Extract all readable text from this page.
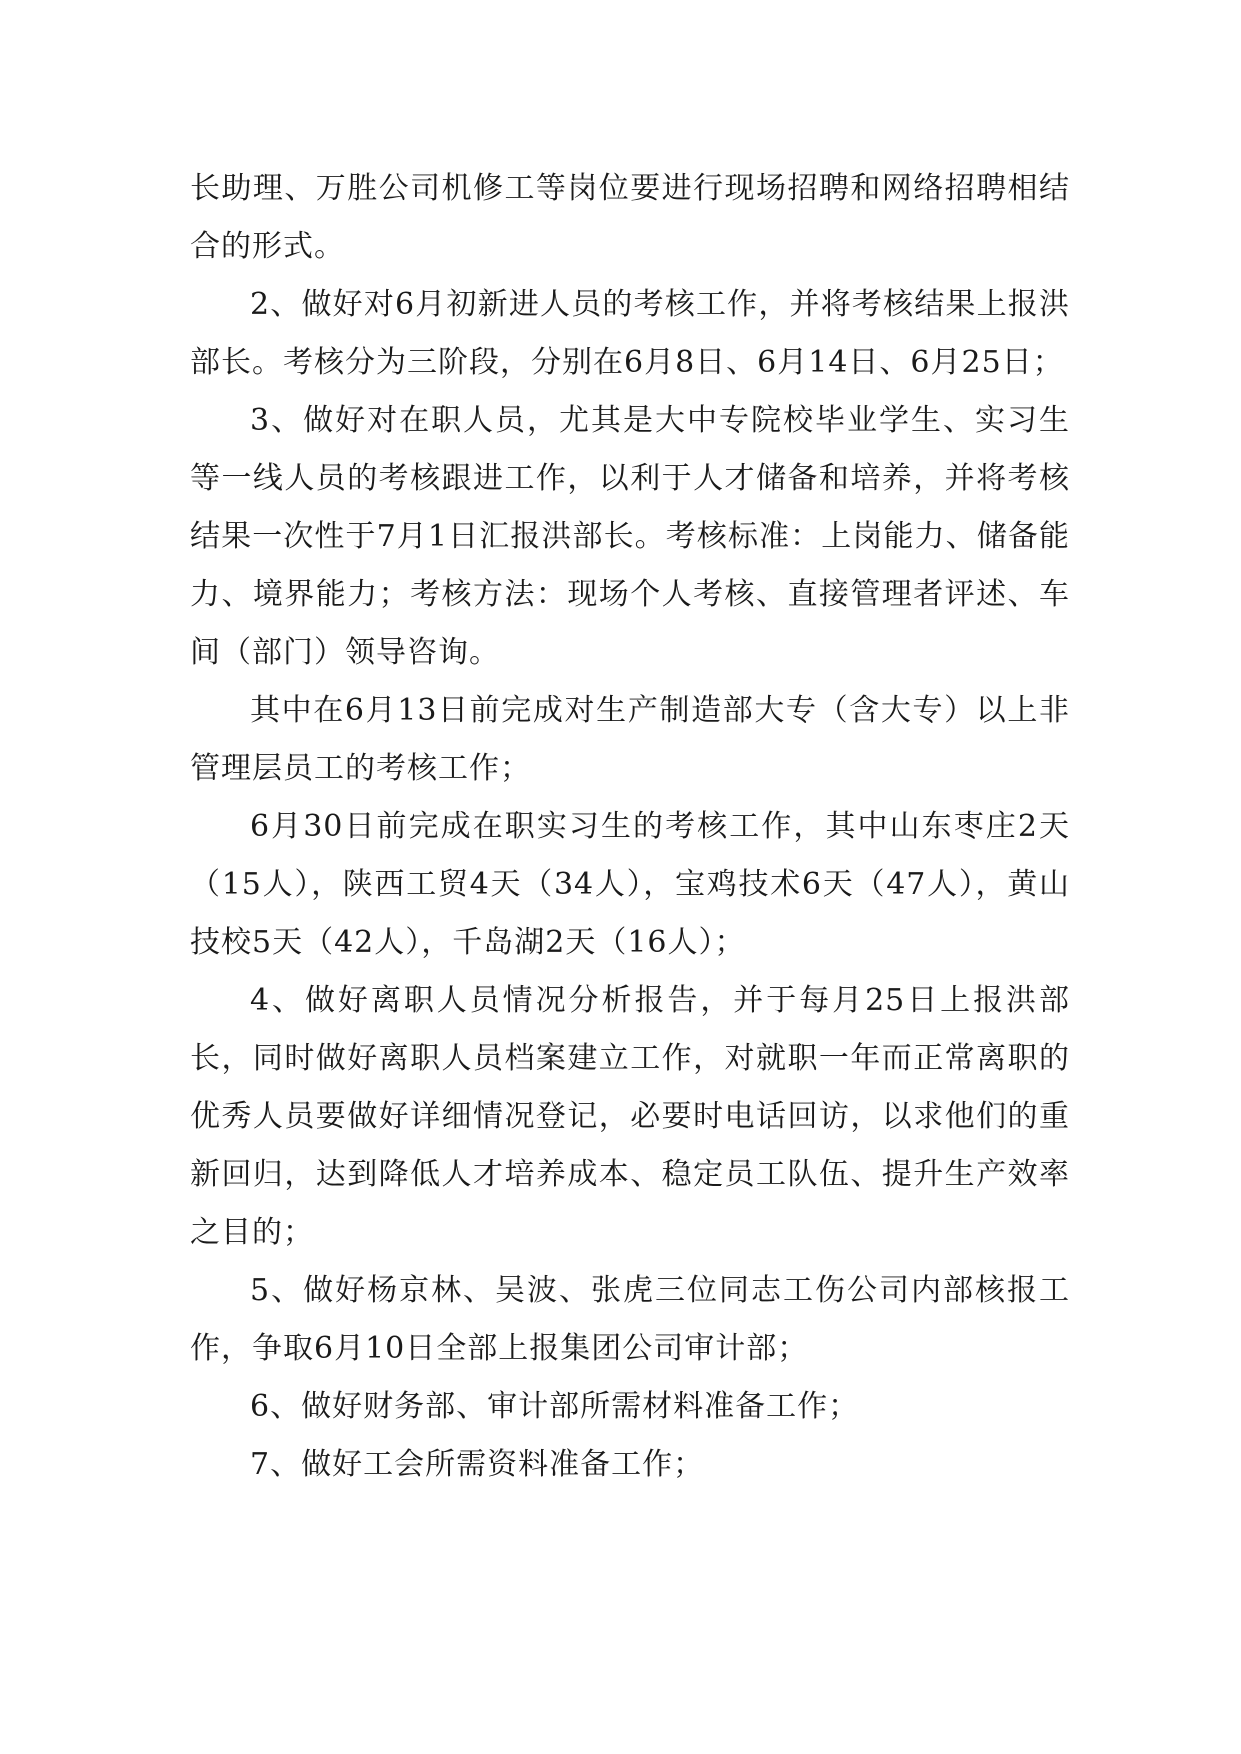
长助理、万胜公司机修工等岗位要进行现场招聘和网络招聘相结合的形式。

2、做好对6月初新进人员的考核工作，并将考核结果上报洪部长。考核分为三阶段，分别在6月8日、6月14日、6月25日；

3、做好对在职人员，尤其是大中专院校毕业学生、实习生等一线人员的考核跟进工作，以利于人才储备和培养，并将考核结果一次性于7月1日汇报洪部长。考核标准：上岗能力、储备能力、境界能力；考核方法：现场个人考核、直接管理者评述、车间（部门）领导咨询。

其中在6月13日前完成对生产制造部大专（含大专）以上非管理层员工的考核工作；

6月30日前完成在职实习生的考核工作，其中山东枣庄2天（15人），陕西工贸4天（34人），宝鸡技术6天（47人），黄山技校5天（42人），千岛湖2天（16人）；

4、做好离职人员情况分析报告，并于每月25日上报洪部长，同时做好离职人员档案建立工作，对就职一年而正常离职的优秀人员要做好详细情况登记，必要时电话回访，以求他们的重新回归，达到降低人才培养成本、稳定员工队伍、提升生产效率之目的；

5、做好杨京林、吴波、张虎三位同志工伤公司内部核报工作，争取6月10日全部上报集团公司审计部；

6、做好财务部、审计部所需材料准备工作；

7、做好工会所需资料准备工作；
